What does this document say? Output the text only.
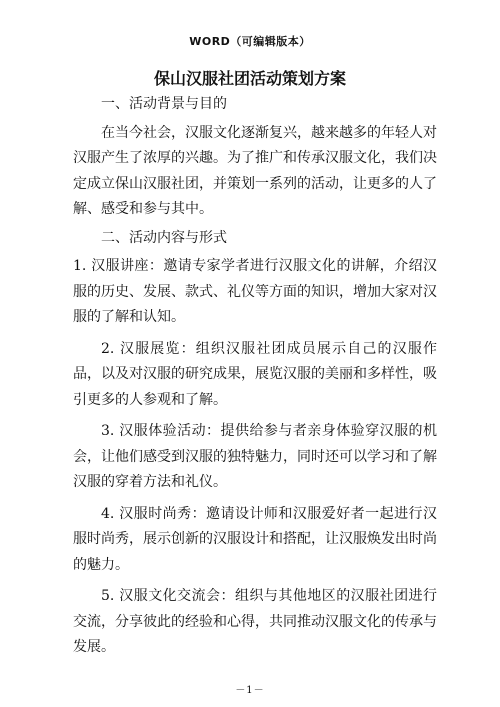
WORD（可编辑版本）
保山汉服社团活动策划方案

一、活动背景与目的

在当今社会，汉服文化逐渐复兴，越来越多的年轻人对汉服产生了浓厚的兴趣。为了推广和传承汉服文化，我们决定成立保山汉服社团，并策划一系列的活动，让更多的人了解、感受和参与其中。

二、活动内容与形式

1. 汉服讲座：邀请专家学者进行汉服文化的讲解，介绍汉服的历史、发展、款式、礼仪等方面的知识，增加大家对汉服的了解和认知。

2. 汉服展览：组织汉服社团成员展示自己的汉服作品，以及对汉服的研究成果，展览汉服的美丽和多样性，吸引更多的人参观和了解。

3. 汉服体验活动：提供给参与者亲身体验穿汉服的机会，让他们感受到汉服的独特魅力，同时还可以学习和了解汉服的穿着方法和礼仪。

4. 汉服时尚秀：邀请设计师和汉服爱好者一起进行汉服时尚秀，展示创新的汉服设计和搭配，让汉服焕发出时尚的魅力。

5. 汉服文化交流会：组织与其他地区的汉服社团进行交流，分享彼此的经验和心得，共同推动汉服文化的传承与发展。

－1－
